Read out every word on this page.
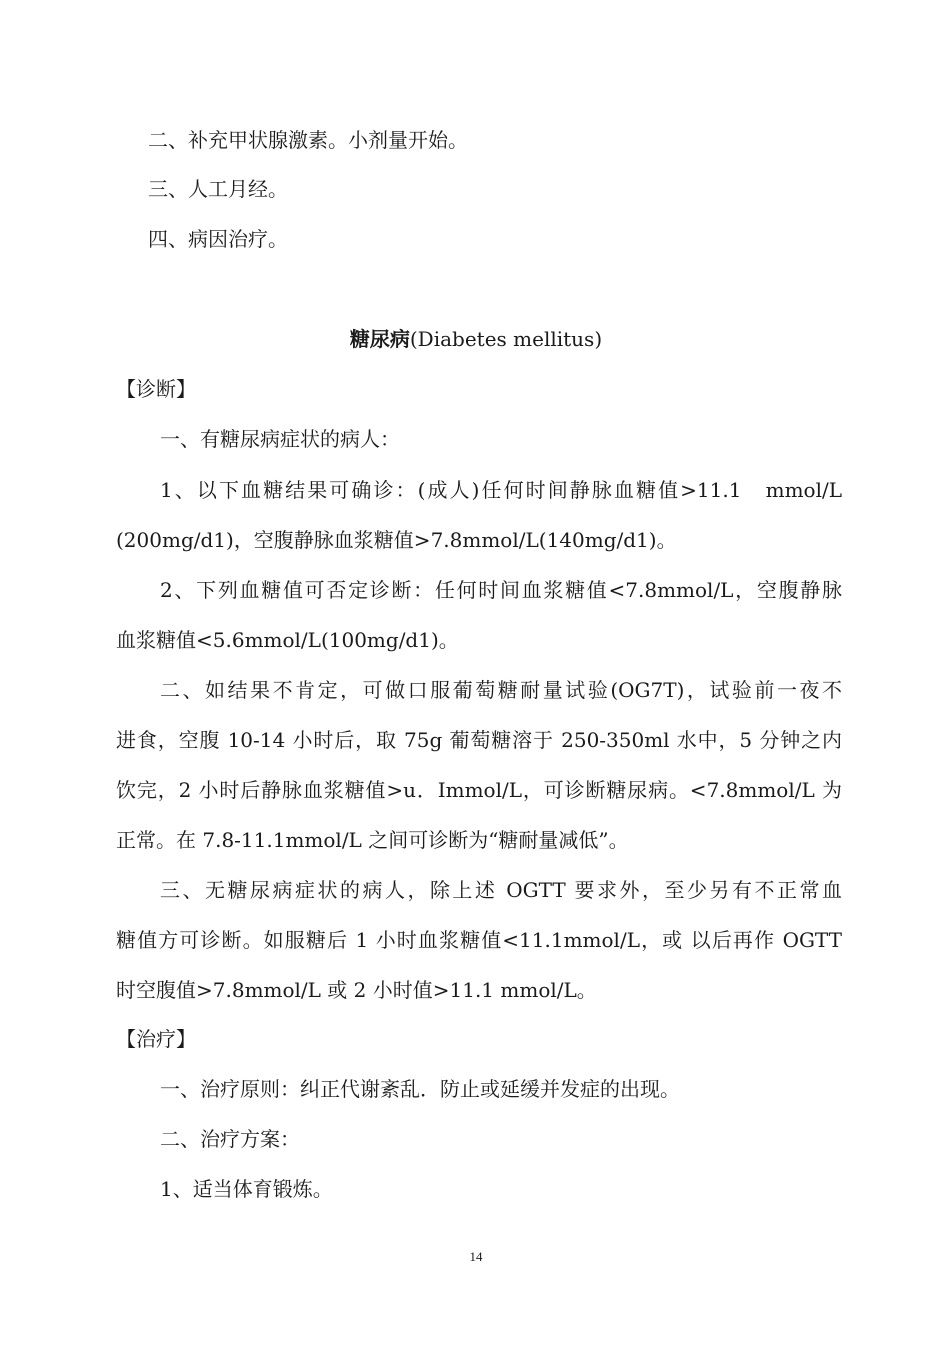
二、补充甲状腺激素。小剂量开始。
三、人工月经。
四、病因治疗。
糖尿病(Diabetes mellitus)
【诊断】
一、有糖尿病症状的病人：
1、以下血糖结果可确诊：(成人)任何时间静脉血糖值>11.1　mmol/L
(200mg/d1)，空腹静脉血浆糖值>7.8mmol/L(140mg/d1)。
2、下列血糖值可否定诊断：任何时间血浆糖值<7.8mmol/L，空腹静脉
血浆糖值<5.6mmol/L(100mg/d1)。
二、如结果不肯定，可做口服葡萄糖耐量试验(OG7T)，试验前一夜不
进食，空腹 10-14 小时后，取 75g 葡萄糖溶于 250-350ml 水中，5 分钟之内
饮完，2 小时后静脉血浆糖值>u．Immol/L，可诊断糖尿病。<7.8mmol/L 为
正常。在 7.8-11.1mmol/L 之间可诊断为“糖耐量减低”。
三、无糖尿病症状的病人，除上述 OGTT 要求外，至少另有不正常血
糖值方可诊断。如服糖后 1 小时血浆糖值<11.1mmol/L，或 以后再作 OGTT
时空腹值>7.8mmol/L 或 2 小时值>11.1 mmol/L。
【治疗】
一、治疗原则：纠正代谢紊乱．防止或延缓并发症的出现。
二、治疗方案：
1、适当体育锻炼。
14
